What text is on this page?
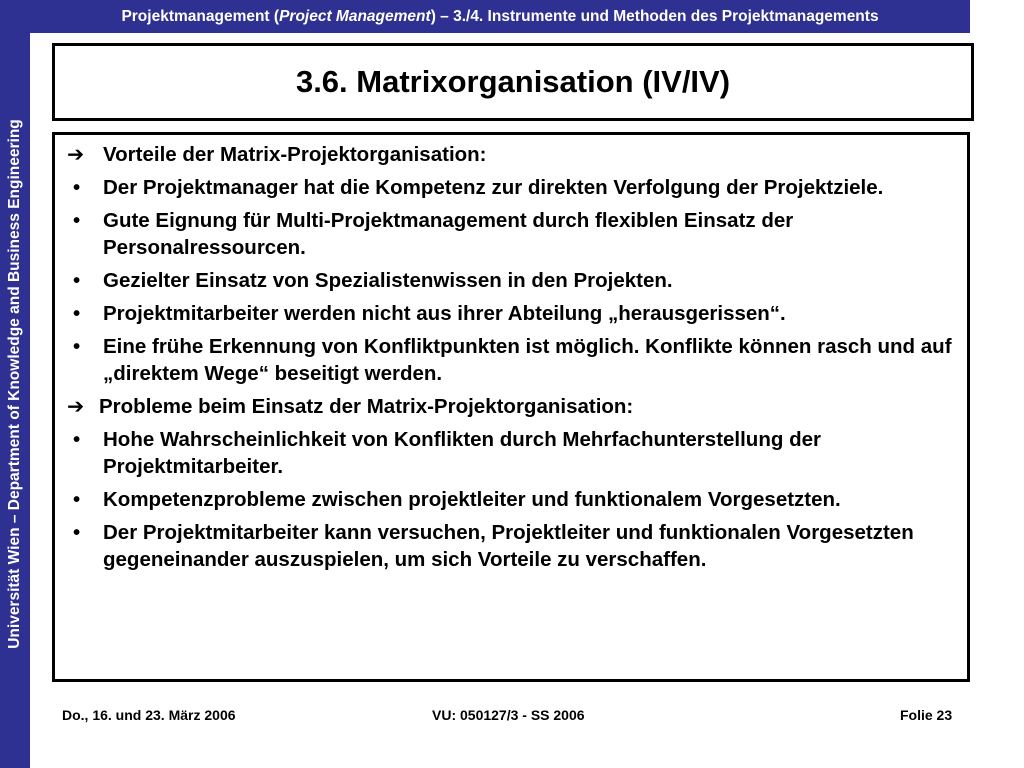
Universität Wien – Department of Knowledge and Business Engineering
Projektmanagement ( Project Management ) – 3./4. Instrumente und Methoden des Projektmanagements
3.6. Matrixorganisation (IV/IV)
➔ Vorteile der Matrix-Projektorganisation:
• Der Projektmanager hat die Kompetenz zur direkten Verfolgung der Projektziele.
• Gute Eignung für Multi-Projektmanagement durch flexiblen Einsatz der Personalressourcen.
• Gezielter Einsatz von Spezialistenwissen in den Projekten.
• Projektmitarbeiter werden nicht aus ihrer Abteilung „herausgerissen“.
• Eine frühe Erkennung von Konfliktpunkten ist möglich. Konflikte können rasch und auf „direktem Wege“ beseitigt werden.
➔ Probleme beim Einsatz der Matrix-Projektorganisation:
• Hohe Wahrscheinlichkeit von Konflikten durch Mehrfachunterstellung der Projektmitarbeiter.
• Kompetenzprobleme zwischen projektleiter und funktionalem Vorgesetzten.
• Der Projektmitarbeiter kann versuchen, Projektleiter und funktionalen Vorgesetzten gegeneinander auszuspielen, um sich Vorteile zu verschaffen.
Do., 16. und 23. März 2006	VU: 050127/3 - SS 2006	Folie 23
